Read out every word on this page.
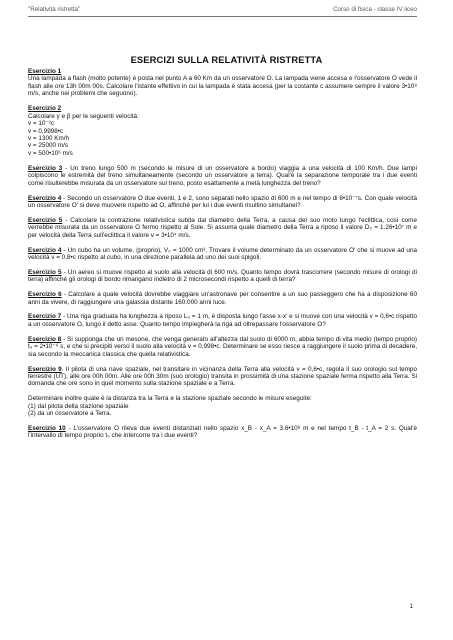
"Relatività ristretta"	Corso di fisica - classe IV liceo
ESERCIZI SULLA RELATIVITÀ RISTRETTA

Esercizio 1

Una lampada a flash (molto potente) è posta nel punto A a 60 Km da un osservatore O. La lampada viene accesa e l'osservatore O vede il flash alle ore 13h 00m 00s. Calcolare l'istante effettivo in cui la lampada è stata accesa (per la costante c assumere sempre il valore 3•10⁸ m/s, anche nei problemi che seguono).

Esercizio 2

Calcolare γ e β per le seguenti velocità:

v = 10⁻²c

v = 0,9998•c

v = 1300 Km/h

v = 25000 m/s

v = 500•10⁶ m/s

Esercizio 3 - Un treno lungo 500 m (secondo le misure di un osservatore a bordo) viaggia a una velocità di 100 Km/h. Due lampi colpiscono le estremità del treno simultaneamente (secondo un osservatore a terra). Qual'è la separazione temporale tra i due eventi come risulterebbe misurata da un osservatore sul treno, posto esattamente a metà lunghezza del treno?

Esercizio 4 - Secondo un osservatore O due eventi, 1 e 2, sono separati nello spazio di 600 m e nel tempo di 8•10⁻⁷s. Con quale velocità un osservatore O' si deve muovere rispetto ad O, affinché per lui i due eventi risultino simultanei?

Esercizio 5 - Calcolare la contrazione relativistica subita dal diametro della Terra, a causa del suo moto lungo l'eclittica, così come verrebbe misurata da un osservatore O fermo rispetto al Sole. Si assuma quale diametro della Terra a riposo il valore D₀ = 1.26•10⁷ m e per velocità della Terra sull'eclittica il valore v = 3•10⁴ m/s.

Esercizio 4 - Un cubo ha un volume, (proprio), V₀ = 1000 cm³. Trovare il volume determinato da un osservatore O' che si muove ad una velocità v = 0,8•c rispetto al cubo, in una direzione parallela ad uno dei suoi spigoli.

Esercizio 5 - Un aereo si muove rispetto al suolo alla velocità di 600 m/s. Quanto tempo dovrà trascorrere (secondo misure di orologi di terra) affinché gli orologi di bordo rimangano indietro di 2 microsecondi rispetto a quelli di terra?

Esercizio 6 - Calcolare a quale velocità dovrebbe viaggiare un'astronave per consentire a un suo passeggero che ha a disposizione 60 anni da vivere, di raggiungere una galassia distante 160.000 anni luce.

Esercizio 7 - Una riga graduata ha lunghezza a riposo L₀ = 1 m, è disposta lungo l'asse x-x' e si muove con una velocità v = 0,6•c rispetto a un osservatore O, lungo il detto asse. Quanto tempo impiegherà la riga ad oltrepassare l'osservatore O?

Esercizio 8 - Si supponga che un mesone, che venga generato all'altezza dal suolo di 6000 m, abbia tempo di vita medio (tempo proprio) t₀ = 2•10⁻⁶ s, e che si precipiti verso il suolo alla velocità v = 0,998•c. Determinare se esso riesce a raggiungere il suolo prima di decadere, sia secondo la meccanica classica che quella relativistica.

Esercizio 9. Il pilota di una nave spaziale, nel transitare in vicinanza della Terra alla velocità v = 0,6•c, regola il suo orologio sul tempo terrestre (UT), alle ore 00h 00m. Alle ore 00h 30m (suo orologio) transita in prossimità di una stazione spaziale ferma rispetto alla Terra. Si domanda che ore sono in quel momento sulla stazione spaziale e a Terra.

Determinare inoltre quale è la distanza tra la Terra e la stazione spaziale secondo le misure eseguite:

(1) dal pilota della stazione spaziale

(2) da un osservatore a Terra.

Esercizio 10 - L'osservatore O rileva due eventi distanziati nello spazio x_B - x_A = 3.6•10⁸ m e nel tempo t_B - t_A = 2 s. Qual'è l'intervallo di tempo proprio t₀ che intercorre tra i due eventi?

1
